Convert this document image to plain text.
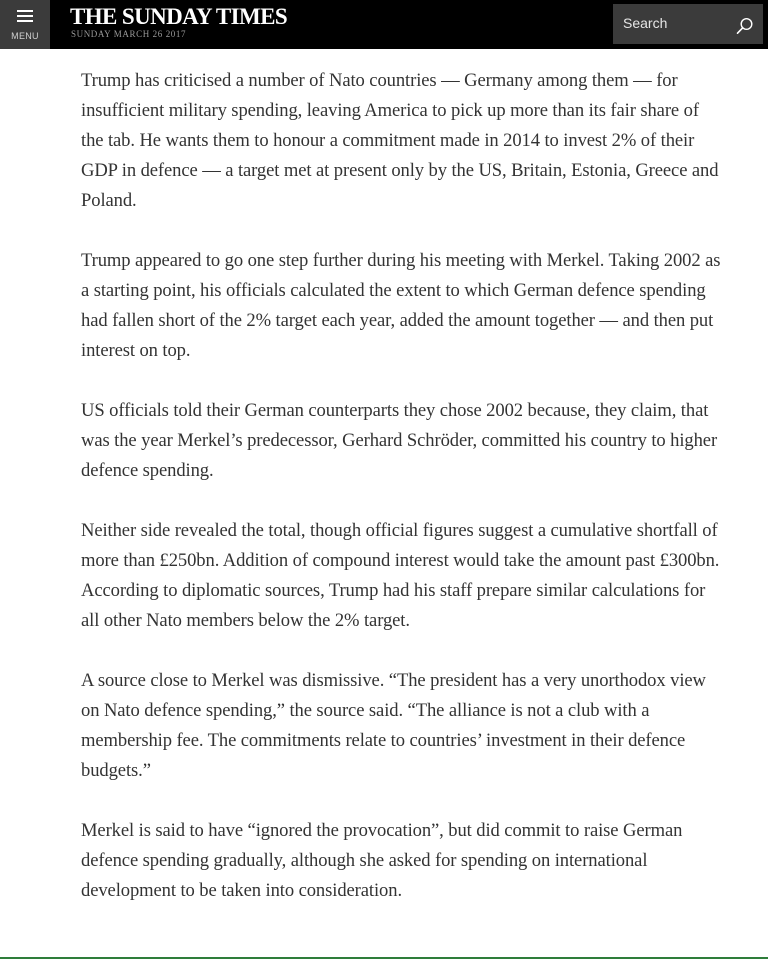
MENU
THE SUNDAY TIMES
SUNDAY MARCH 26 2017
Search

Trump has criticised a number of Nato countries — Germany among them — for insufficient military spending, leaving America to pick up more than its fair share of the tab. He wants them to honour a commitment made in 2014 to invest 2% of their GDP in defence — a target met at present only by the US, Britain, Estonia, Greece and Poland.

Trump appeared to go one step further during his meeting with Merkel. Taking 2002 as a starting point, his officials calculated the extent to which German defence spending had fallen short of the 2% target each year, added the amount together — and then put interest on top.

US officials told their German counterparts they chose 2002 because, they claim, that was the year Merkel’s predecessor, Gerhard Schröder, committed his country to higher defence spending.

Neither side revealed the total, though official figures suggest a cumulative shortfall of more than £250bn. Addition of compound interest would take the amount past £300bn. According to diplomatic sources, Trump had his staff prepare similar calculations for all other Nato members below the 2% target.

A source close to Merkel was dismissive. “The president has a very unorthodox view on Nato defence spending,” the source said. “The alliance is not a club with a membership fee. The commitments relate to countries’ investment in their defence budgets.”

Merkel is said to have “ignored the provocation”, but did commit to raise German defence spending gradually, although she asked for spending on international development to be taken into consideration.
